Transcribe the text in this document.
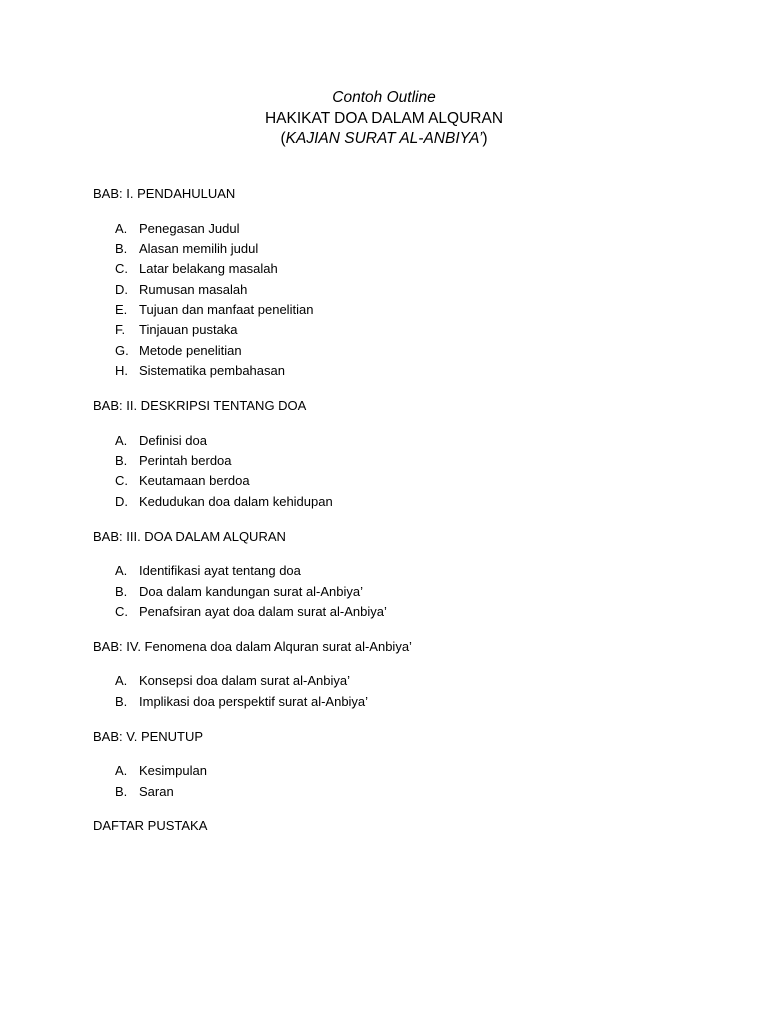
Contoh Outline
HAKIKAT DOA DALAM ALQURAN
(KAJIAN SURAT AL-ANBIYA’)
BAB: I. PENDAHULUAN
A. Penegasan Judul
B. Alasan memilih judul
C. Latar belakang masalah
D. Rumusan masalah
E. Tujuan dan manfaat penelitian
F. Tinjauan pustaka
G. Metode penelitian
H. Sistematika pembahasan
BAB: II. DESKRIPSI TENTANG DOA
A. Definisi doa
B. Perintah berdoa
C. Keutamaan berdoa
D. Kedudukan doa dalam kehidupan
BAB: III. DOA DALAM ALQURAN
A. Identifikasi ayat tentang doa
B. Doa dalam kandungan surat al-Anbiya’
C. Penafsiran ayat doa dalam surat al-Anbiya’
BAB: IV. Fenomena doa dalam Alquran surat al-Anbiya’
A. Konsepsi doa dalam surat al-Anbiya’
B. Implikasi doa perspektif surat al-Anbiya’
BAB: V. PENUTUP
A. Kesimpulan
B. Saran
DAFTAR PUSTAKA
